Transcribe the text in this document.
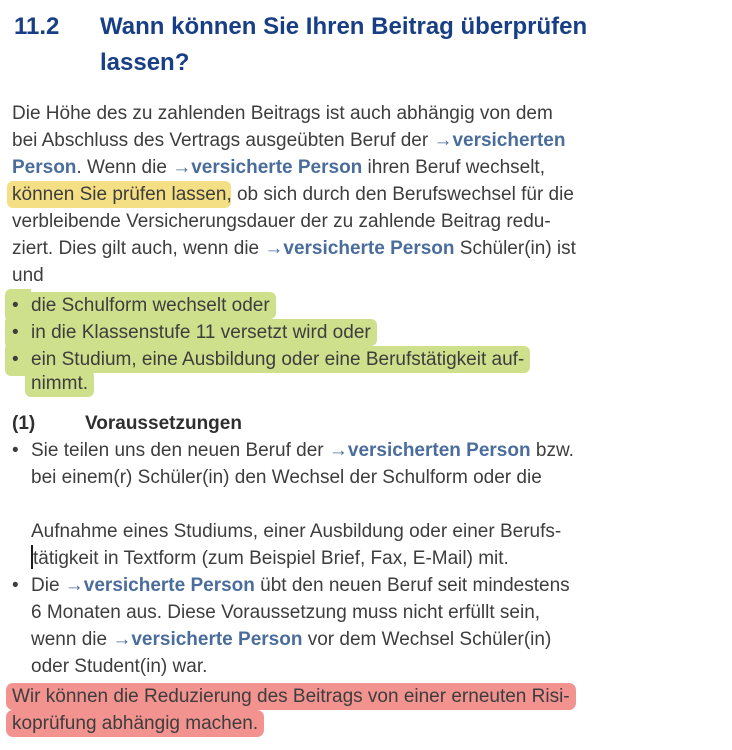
11.2	Wann können Sie Ihren Beitrag überprüfen
lassen?
Die Höhe des zu zahlenden Beitrags ist auch abhängig von dem
bei Abschluss des Vertrags ausgeübten Beruf der →versicherten
Person. Wenn die →versicherte Person ihren Beruf wechselt,
können Sie prüfen lassen, ob sich durch den Berufswechsel für die
verbleibende Versicherungsdauer der zu zahlende Beitrag redu-
ziert. Dies gilt auch, wenn die →versicherte Person Schüler(in) ist
und
• die Schulform wechselt oder
• in die Klassenstufe 11 versetzt wird oder
• ein Studium, eine Ausbildung oder eine Berufstätigkeit auf-
nimmt.
(1)	Voraussetzungen
• Sie teilen uns den neuen Beruf der →versicherten Person bzw.
bei einem(r) Schüler(in) den Wechsel der Schulform oder die
Aufnahme eines Studiums, einer Ausbildung oder einer Berufs-
tätigkeit in Textform (zum Beispiel Brief, Fax, E-Mail) mit.
• Die →versicherte Person übt den neuen Beruf seit mindestens
6 Monaten aus. Diese Voraussetzung muss nicht erfüllt sein,
wenn die →versicherte Person vor dem Wechsel Schüler(in)
oder Student(in) war.
Wir können die Reduzierung des Beitrags von einer erneuten Risi-
koprüfung abhängig machen.
